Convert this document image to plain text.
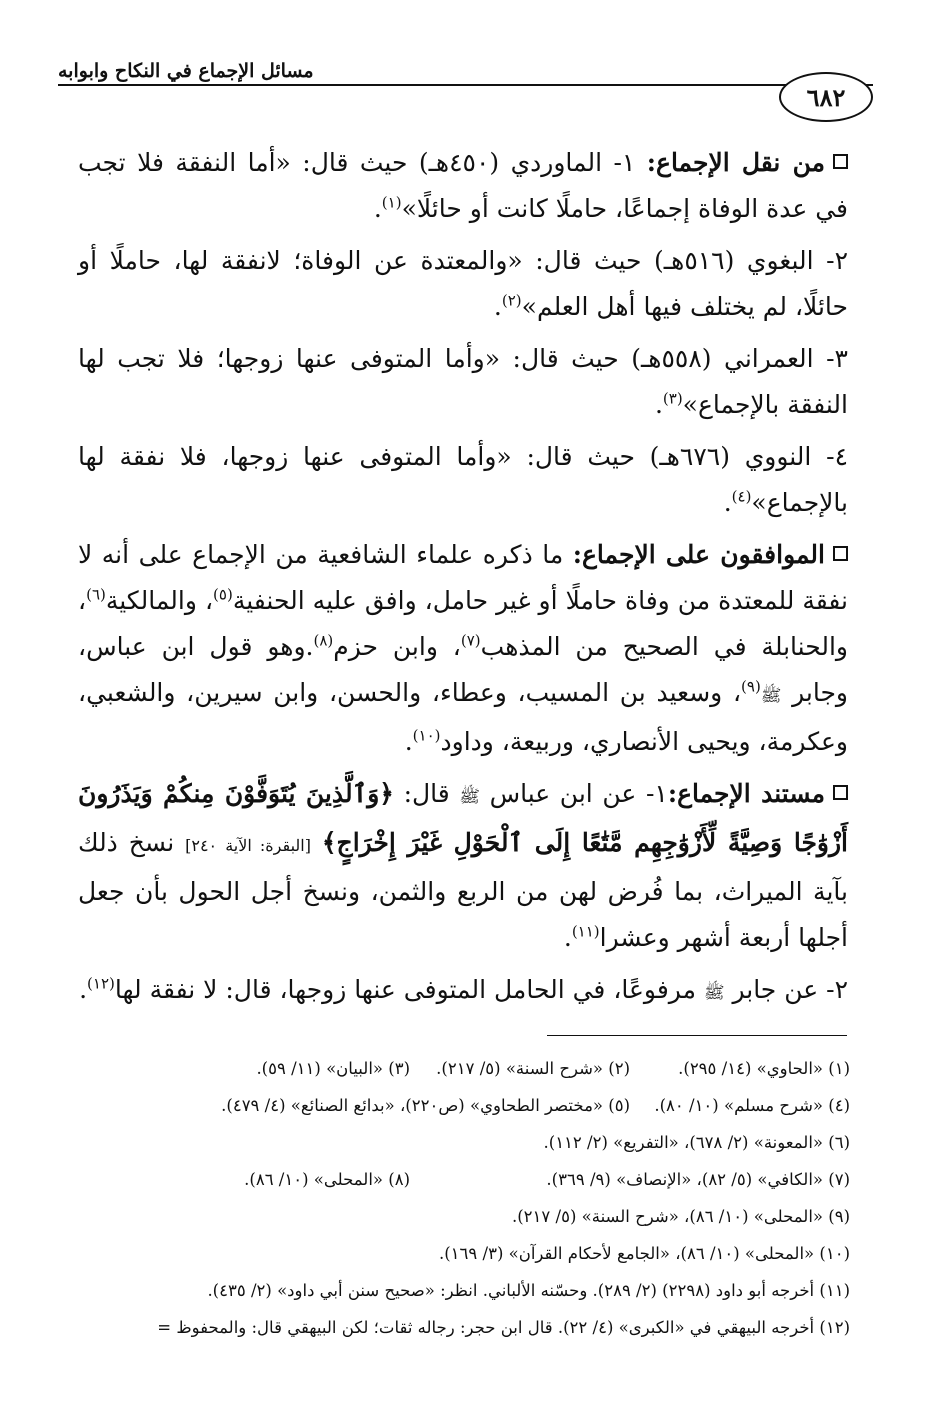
مسائل الإجماع في النكاح وابوابه
٦٨٢

من نقل الإجماع: ١- الماوردي (٤٥٠هـ) حيث قال: «أما النفقة فلا تجب في عدة الوفاة إجماعًا، حاملًا كانت أو حائلًا»$^{(١)}$.

٢- البغوي (٥١٦هـ) حيث قال: «والمعتدة عن الوفاة؛ لانفقة لها، حاملًا أو حائلًا، لم يختلف فيها أهل العلم»$^{(٢)}$.

٣- العمراني (٥٥٨هـ) حيث قال: «وأما المتوفى عنها زوجها؛ فلا تجب لها النفقة بالإجماع»$^{(٣)}$.

٤- النووي (٦٧٦هـ) حيث قال: «وأما المتوفى عنها زوجها، فلا نفقة لها بالإجماع»$^{(٤)}$.

الموافقون على الإجماع: ما ذكره علماء الشافعية من الإجماع على أنه لا نفقة للمعتدة من وفاة حاملًا أو غير حامل، وافق عليه الحنفية$^{(٥)}$، والمالكية$^{(٦)}$، والحنابلة في الصحيح من المذهب$^{(٧)}$، وابن حزم$^{(٨)}$.وهو قول ابن عباس، وجابر ﷺ$^{(٩)}$، وسعيد بن المسيب، وعطاء، والحسن، وابن سيرين، والشعبي، وعكرمة، ويحيى الأنصاري، وربيعة، وداود$^{(١٠)}$.

مستند الإجماع:١- عن ابن عباس ﷺ قال: ﴿وَٱلَّذِينَ يُتَوَفَّوْنَ مِنكُمْ وَيَذَرُونَ أَزْوَٰجًا وَصِيَّةً لِّأَزْوَٰجِهِم مَّتَٰعًا إِلَى ٱلْحَوْلِ غَيْرَ إِخْرَاجٍ﴾ [البقرة: الآية ٢٤٠] نسخ ذلك بآية الميراث، بما فُرض لهن من الربع والثمن، ونسخ أجل الحول بأن جعل أجلها أربعة أشهر وعشرا$^{(١١)}$.

٢- عن جابر ﷺ مرفوعًا، في الحامل المتوفى عنها زوجها، قال: لا نفقة لها$^{(١٢)}$.

(١) «الحاوي» (١٤/ ٢٩٥).
(٢) «شرح السنة» (٥/ ٢١٧).
(٣) «البيان» (١١/ ٥٩).
(٤) «شرح مسلم» (١٠/ ٨٠).
(٥) «مختصر الطحاوي» (ص٢٢٠)، «بدائع الصنائع» (٤/ ٤٧٩).
(٦) «المعونة» (٢/ ٦٧٨)، «التفريع» (٢/ ١١٢).
(٧) «الكافي» (٥/ ٨٢)، «الإنصاف» (٩/ ٣٦٩).
(٨) «المحلى» (١٠/ ٨٦).
(٩) «المحلى» (١٠/ ٨٦)، «شرح السنة» (٥/ ٢١٧).
(١٠) «المحلى» (١٠/ ٨٦)، «الجامع لأحكام القرآن» (٣/ ١٦٩).
(١١) أخرجه أبو داود (٢٢٩٨) (٢/ ٢٨٩). وحسّنه الألباني. انظر: «صحيح سنن أبي داود» (٢/ ٤٣٥).
(١٢) أخرجه البيهقي في «الكبرى» (٤/ ٢٢). قال ابن حجر: رجاله ثقات؛ لكن البيهقي قال: والمحفوظ =
